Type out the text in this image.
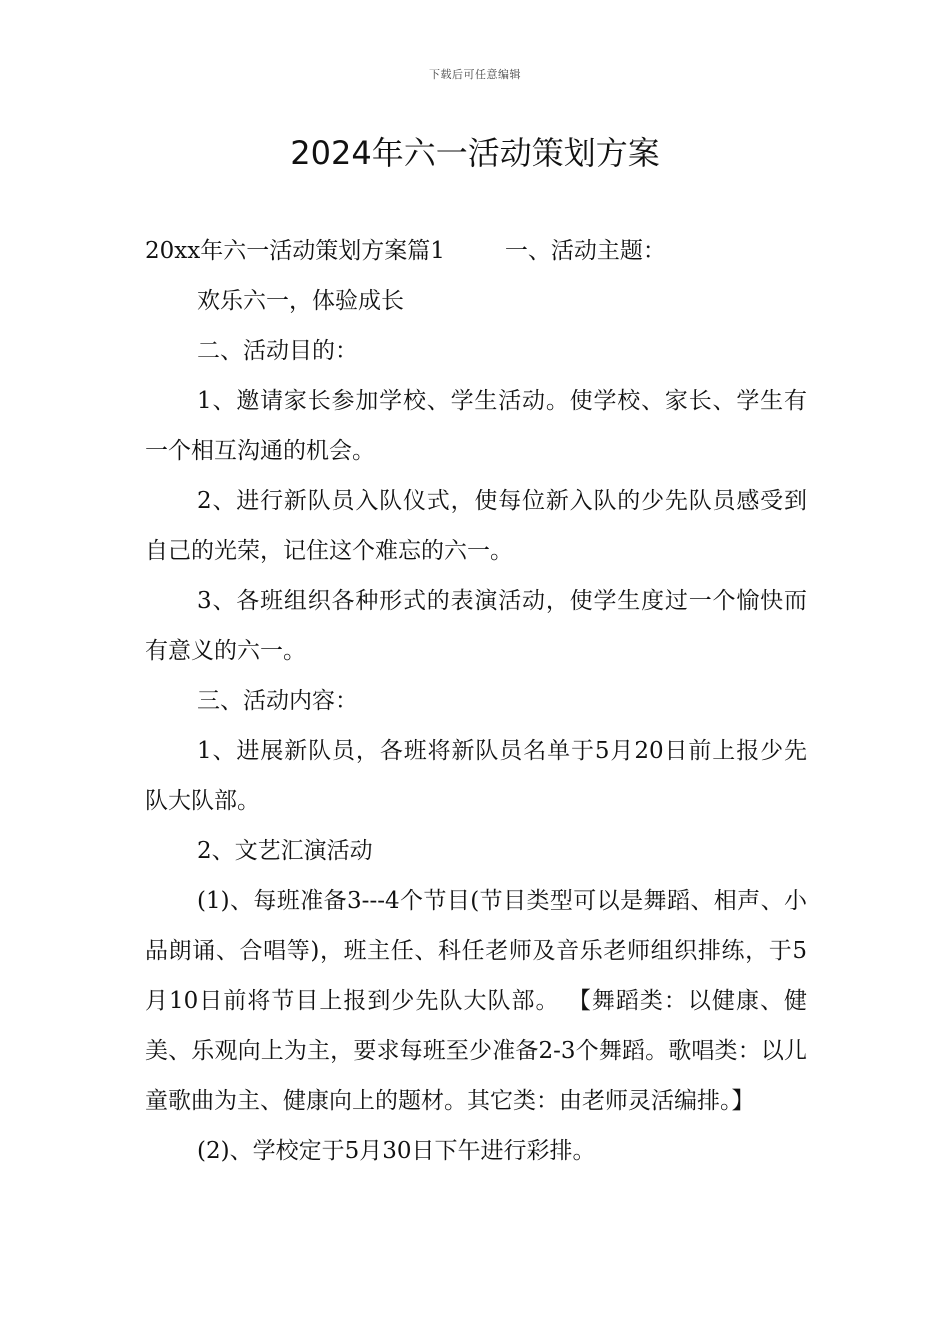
下载后可任意编辑
2024年六一活动策划方案

20xx年六一活动策划方案篇1	一、活动主题：

欢乐六一，体验成长

二、活动目的：

1、邀请家长参加学校、学生活动。使学校、家长、学生有一个相互沟通的机会。

2、进行新队员入队仪式，使每位新入队的少先队员感受到自己的光荣，记住这个难忘的六一。

3、各班组织各种形式的表演活动，使学生度过一个愉快而有意义的六一。

三、活动内容：

1、进展新队员，各班将新队员名单于5月20日前上报少先队大队部。

2、文艺汇演活动

(1)、每班准备3---4个节目(节目类型可以是舞蹈、相声、小品朗诵、合唱等)，班主任、科任老师及音乐老师组织排练，于5月10日前将节目上报到少先队大队部。 【舞蹈类：以健康、健美、乐观向上为主，要求每班至少准备2-3个舞蹈。歌唱类：以儿童歌曲为主、健康向上的题材。其它类：由老师灵活编排。】

(2)、学校定于5月30日下午进行彩排。
